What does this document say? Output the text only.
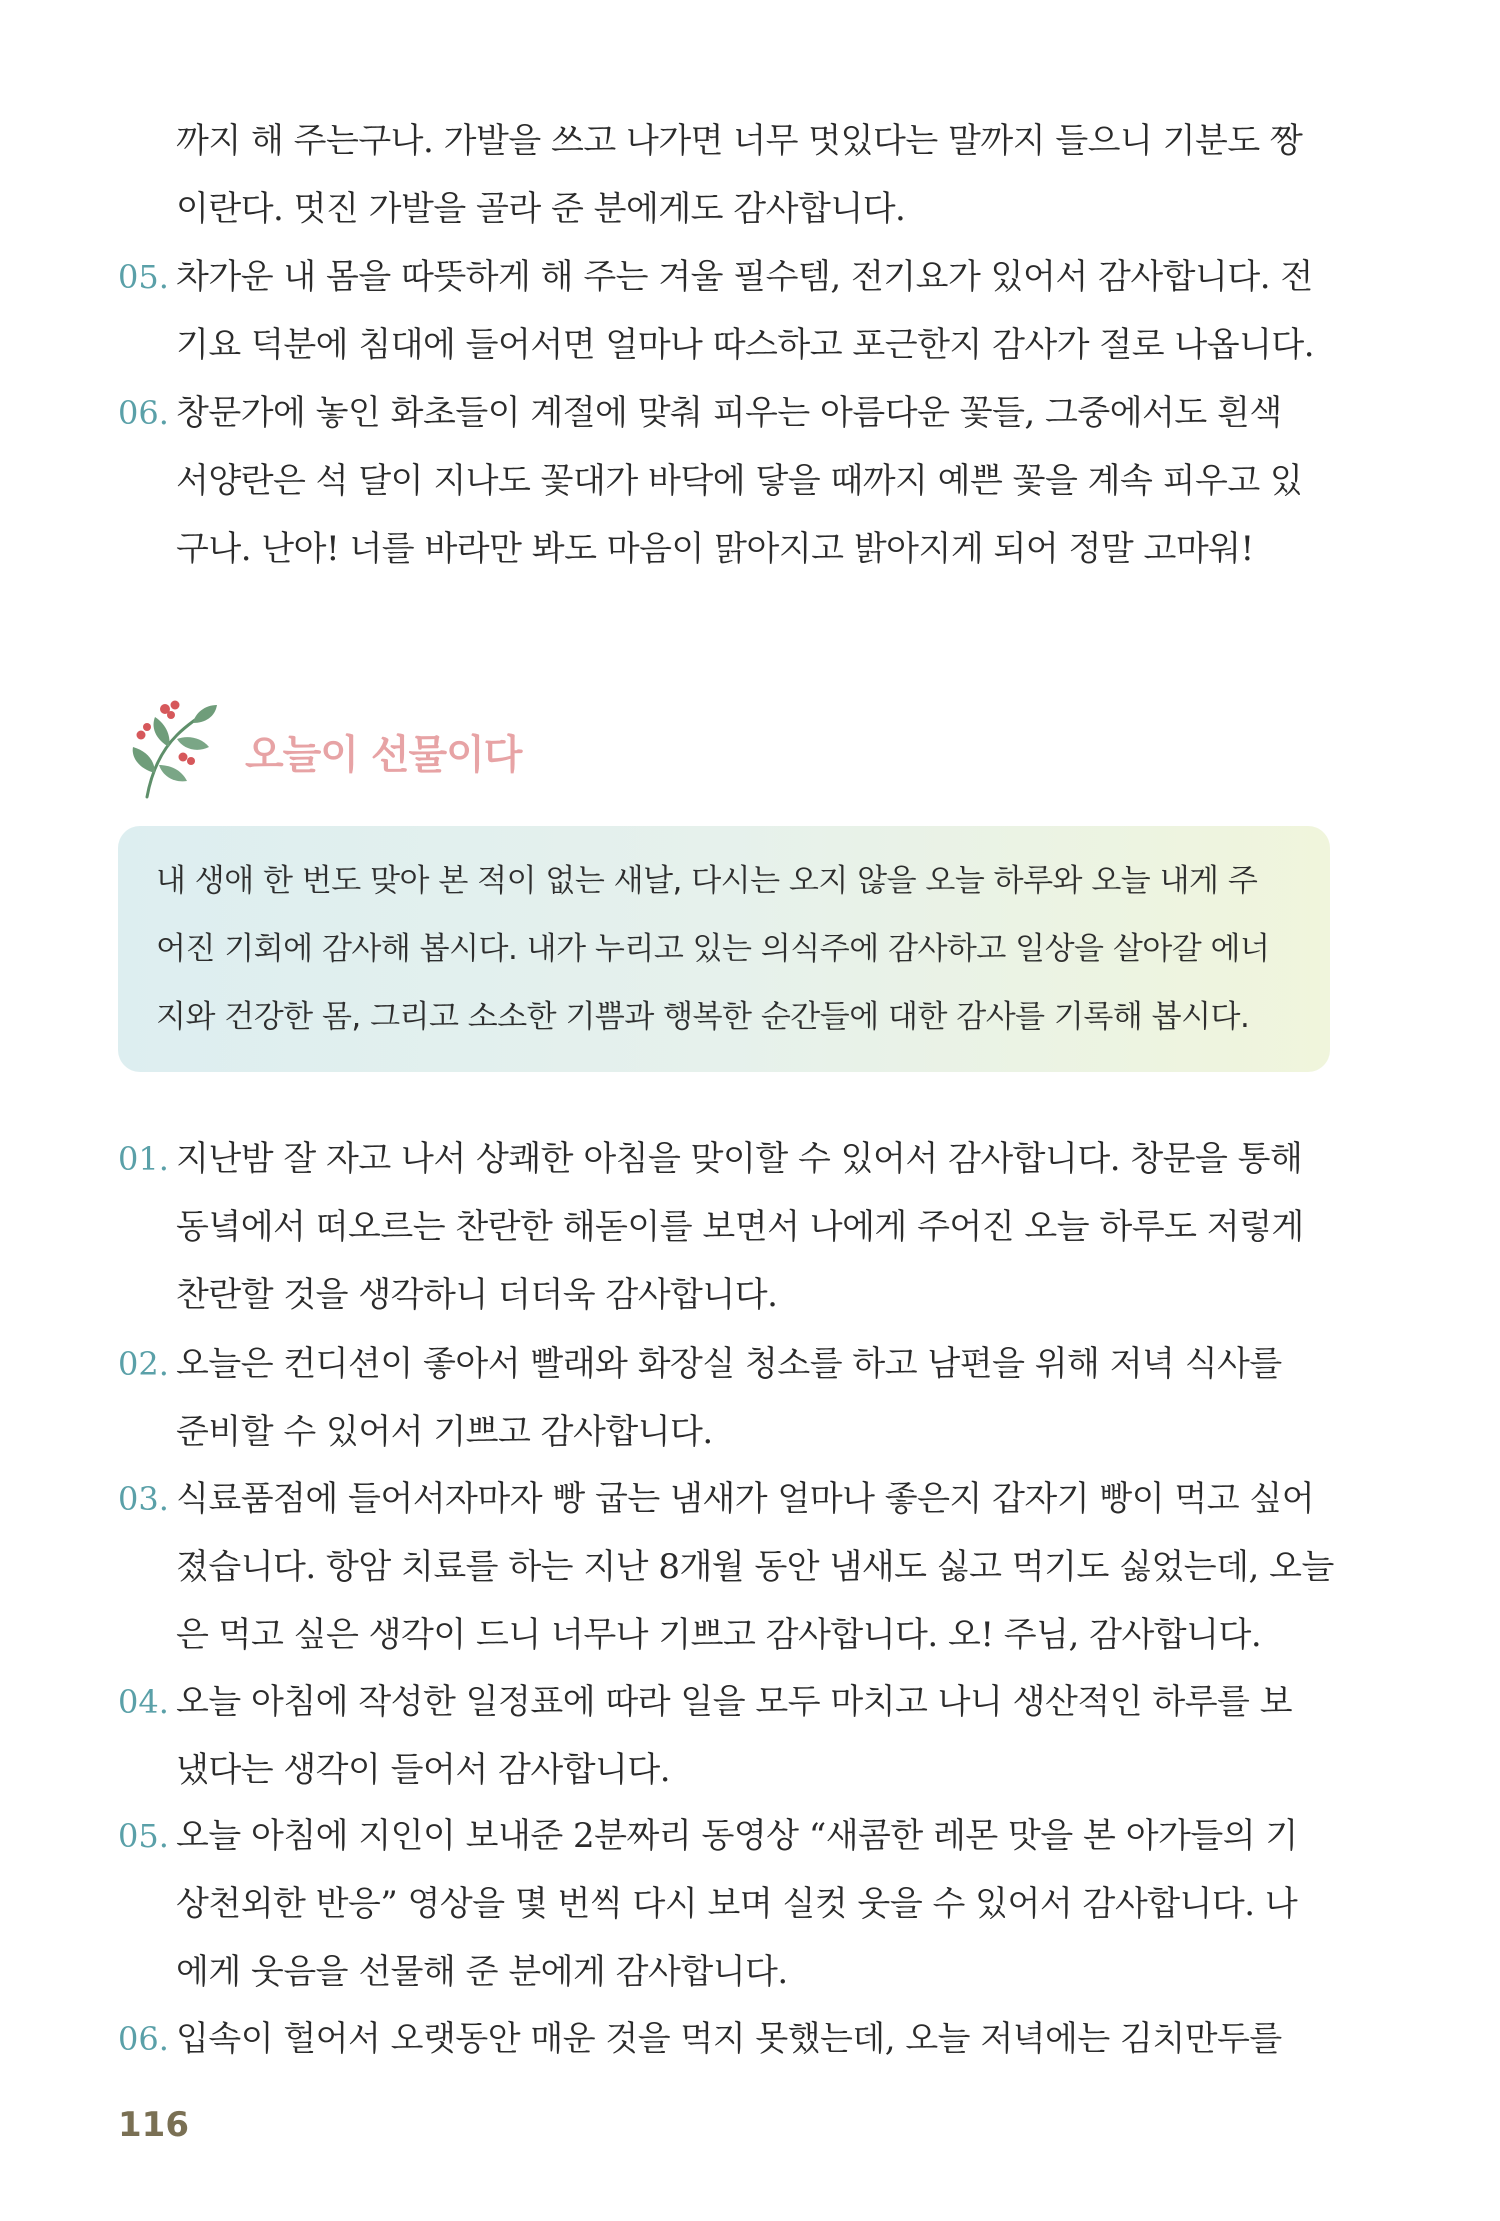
까지 해 주는구나. 가발을 쓰고 나가면 너무 멋있다는 말까지 들으니 기분도 짱
이란다. 멋진 가발을 골라 준 분에게도 감사합니다.
05. 차가운 내 몸을 따뜻하게 해 주는 겨울 필수템, 전기요가 있어서 감사합니다. 전
기요 덕분에 침대에 들어서면 얼마나 따스하고 포근한지 감사가 절로 나옵니다.
06. 창문가에 놓인 화초들이 계절에 맞춰 피우는 아름다운 꽃들, 그중에서도 흰색
서양란은 석 달이 지나도 꽃대가 바닥에 닿을 때까지 예쁜 꽃을 계속 피우고 있
구나. 난아! 너를 바라만 봐도 마음이 맑아지고 밝아지게 되어 정말 고마워!
오늘이 선물이다
내 생애 한 번도 맞아 본 적이 없는 새날, 다시는 오지 않을 오늘 하루와 오늘 내게 주
어진 기회에 감사해 봅시다. 내가 누리고 있는 의식주에 감사하고 일상을 살아갈 에너
지와 건강한 몸, 그리고 소소한 기쁨과 행복한 순간들에 대한 감사를 기록해 봅시다.
01. 지난밤 잘 자고 나서 상쾌한 아침을 맞이할 수 있어서 감사합니다. 창문을 통해
동녘에서 떠오르는 찬란한 해돋이를 보면서 나에게 주어진 오늘 하루도 저렇게
찬란할 것을 생각하니 더더욱 감사합니다.
02. 오늘은 컨디션이 좋아서 빨래와 화장실 청소를 하고 남편을 위해 저녁 식사를
준비할 수 있어서 기쁘고 감사합니다.
03. 식료품점에 들어서자마자 빵 굽는 냄새가 얼마나 좋은지 갑자기 빵이 먹고 싶어
졌습니다. 항암 치료를 하는 지난 8개월 동안 냄새도 싫고 먹기도 싫었는데, 오늘
은 먹고 싶은 생각이 드니 너무나 기쁘고 감사합니다. 오! 주님, 감사합니다.
04. 오늘 아침에 작성한 일정표에 따라 일을 모두 마치고 나니 생산적인 하루를 보
냈다는 생각이 들어서 감사합니다.
05. 오늘 아침에 지인이 보내준 2분짜리 동영상 “새콤한 레몬 맛을 본 아가들의 기
상천외한 반응” 영상을 몇 번씩 다시 보며 실컷 웃을 수 있어서 감사합니다. 나
에게 웃음을 선물해 준 분에게 감사합니다.
06. 입속이 헐어서 오랫동안 매운 것을 먹지 못했는데, 오늘 저녁에는 김치만두를
116
